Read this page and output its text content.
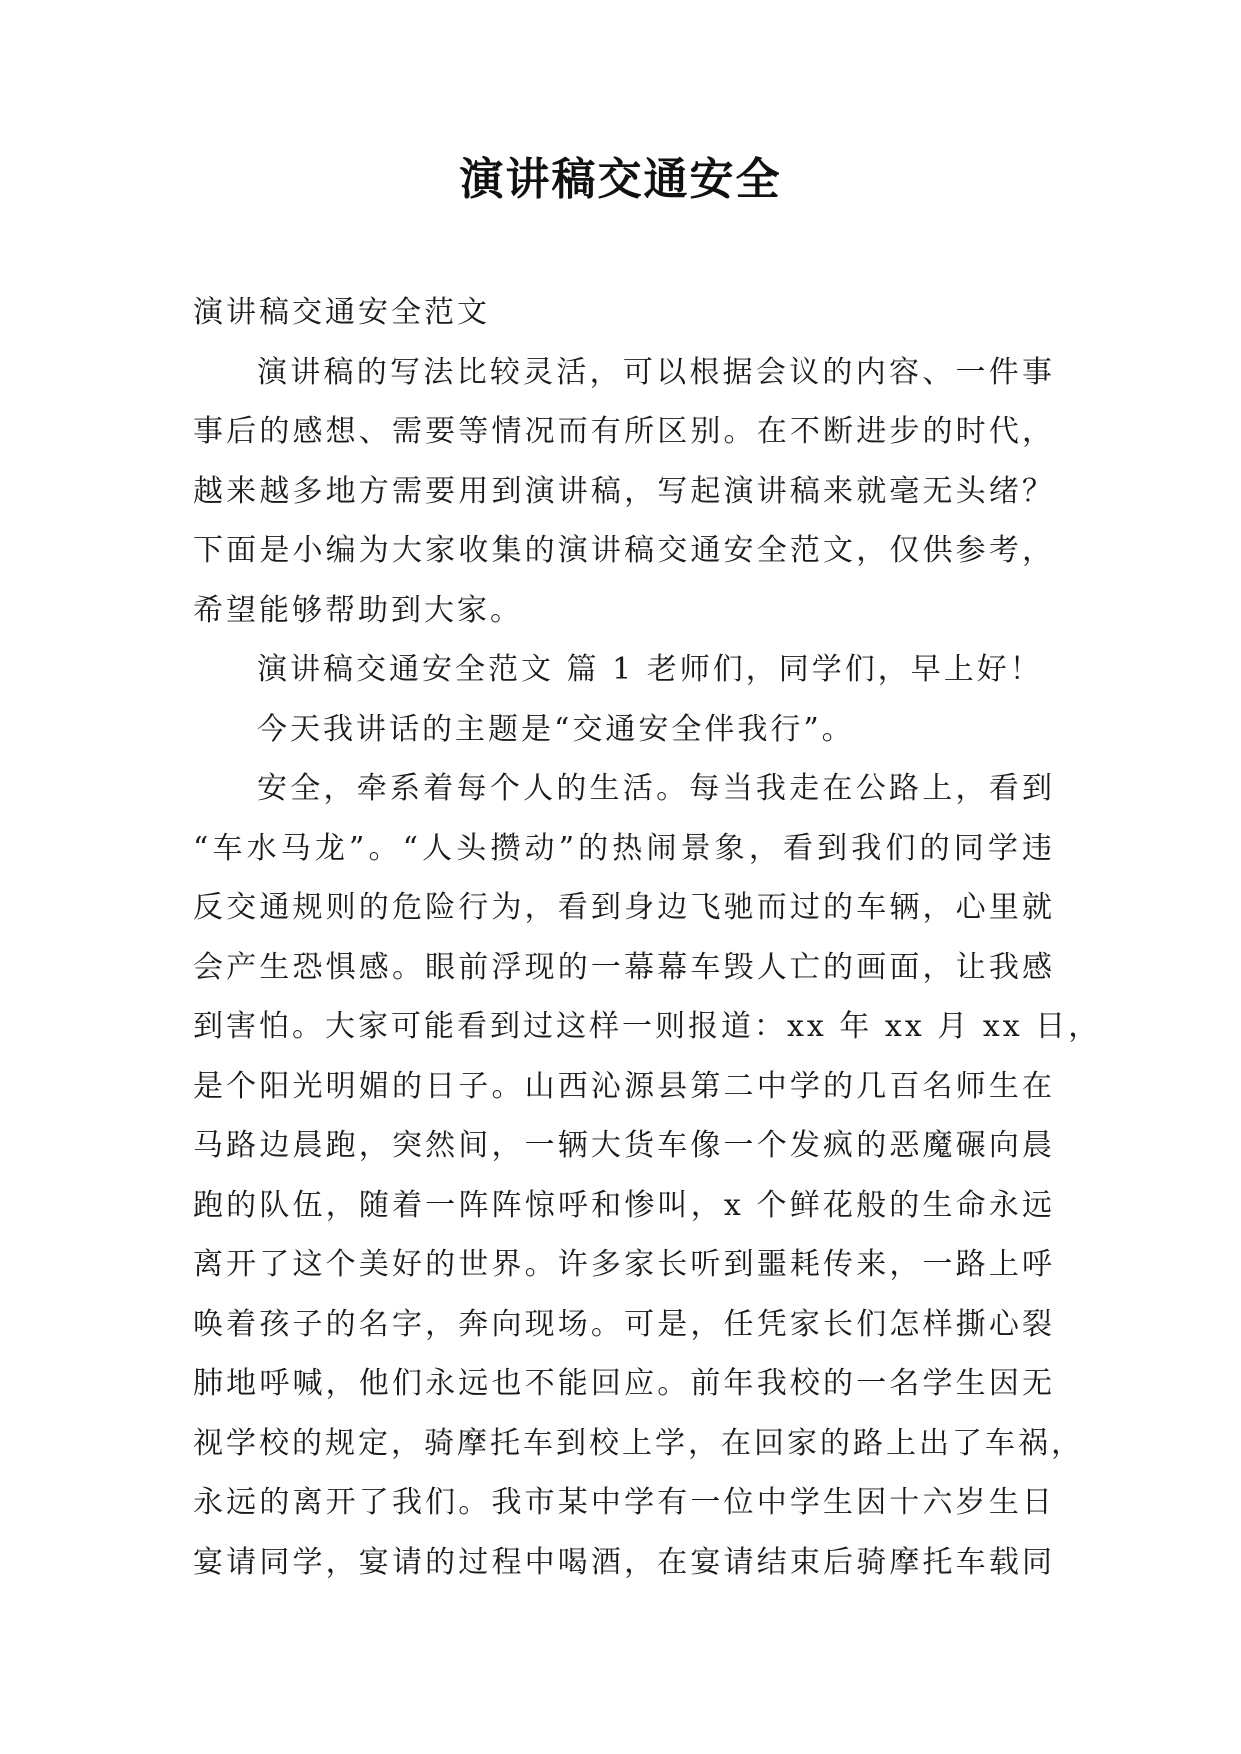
演讲稿交通安全
演讲稿交通安全范文
演讲稿的写法比较灵活，可以根据会议的内容、一件事
事后的感想、需要等情况而有所区别。在不断进步的时代，
越来越多地方需要用到演讲稿，写起演讲稿来就毫无头绪？
下面是小编为大家收集的演讲稿交通安全范文，仅供参考，
希望能够帮助到大家。
演讲稿交通安全范文 篇 1 老师们，同学们，早上好！
今天我讲话的主题是“交通安全伴我行”。
安全，牵系着每个人的生活。每当我走在公路上，看到
“车水马龙”。“人头攒动”的热闹景象，看到我们的同学违
反交通规则的危险行为，看到身边飞驰而过的车辆，心里就
会产生恐惧感。眼前浮现的一幕幕车毁人亡的画面，让我感
到害怕。大家可能看到过这样一则报道：xx 年 xx 月 xx 日，
是个阳光明媚的日子。山西沁源县第二中学的几百名师生在
马路边晨跑，突然间，一辆大货车像一个发疯的恶魔碾向晨
跑的队伍，随着一阵阵惊呼和惨叫，x 个鲜花般的生命永远
离开了这个美好的世界。许多家长听到噩耗传来，一路上呼
唤着孩子的名字，奔向现场。可是，任凭家长们怎样撕心裂
肺地呼喊，他们永远也不能回应。前年我校的一名学生因无
视学校的规定，骑摩托车到校上学，在回家的路上出了车祸，
永远的离开了我们。我市某中学有一位中学生因十六岁生日
宴请同学，宴请的过程中喝酒，在宴请结束后骑摩托车载同
